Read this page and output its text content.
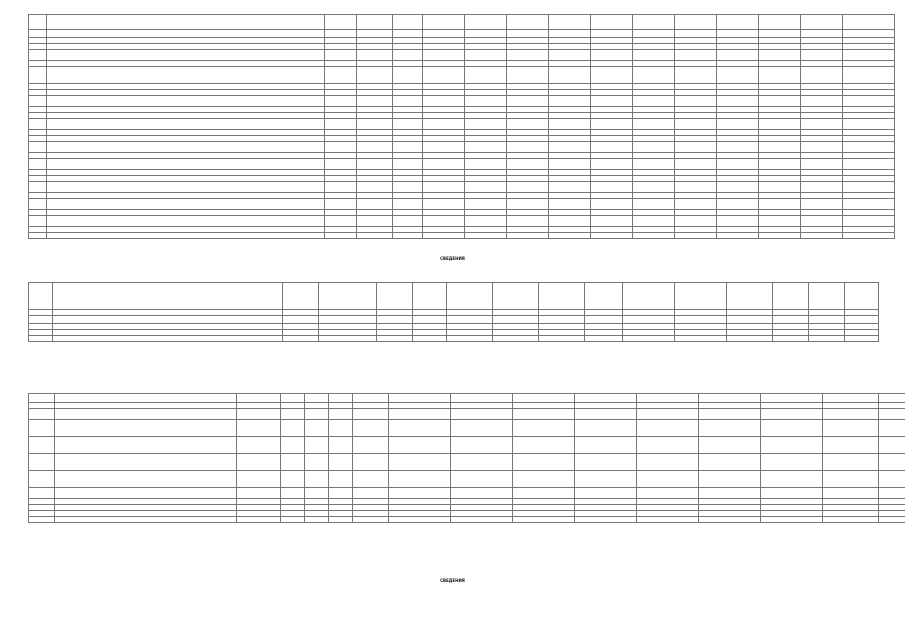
СВЕДЕНИЯ

СВЕДЕНИЯ
